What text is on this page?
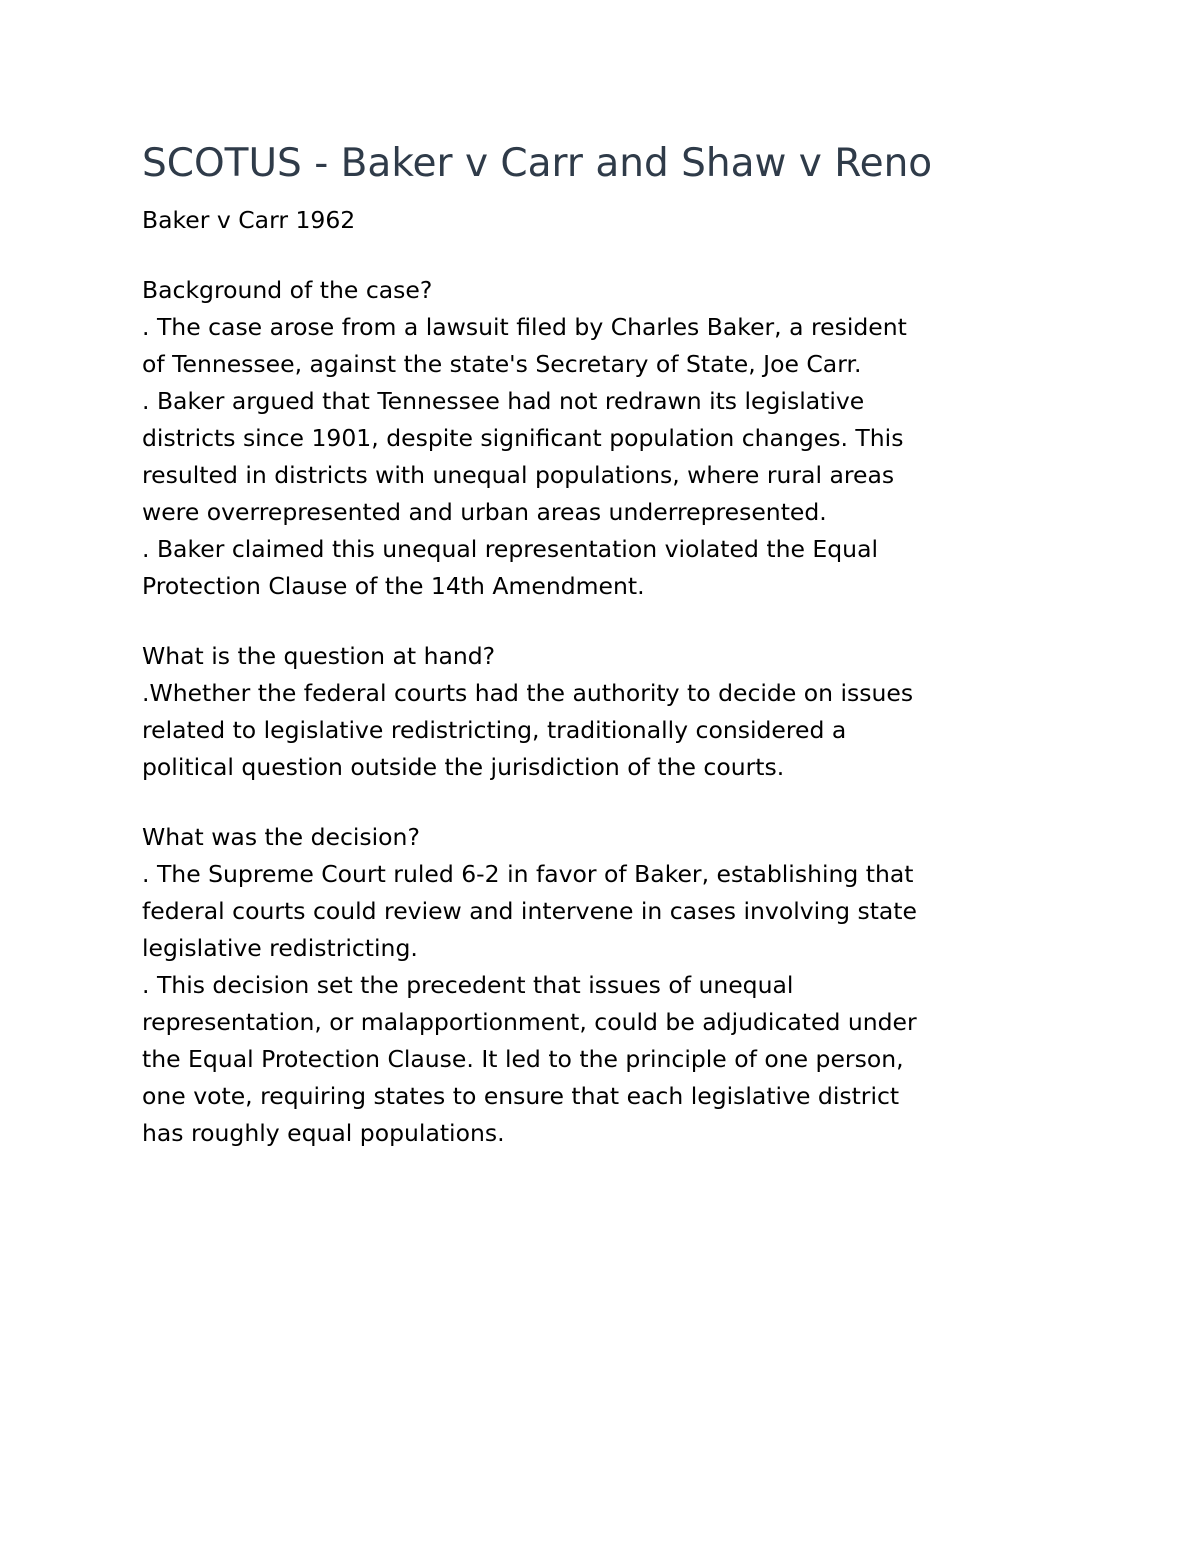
SCOTUS - Baker v Carr and Shaw v Reno

Baker v Carr 1962

Background of the case?

. The case arose from a lawsuit filed by Charles Baker, a resident

of Tennessee, against the state's Secretary of State, Joe Carr.

. Baker argued that Tennessee had not redrawn its legislative

districts since 1901, despite significant population changes. This

resulted in districts with unequal populations, where rural areas

were overrepresented and urban areas underrepresented.

. Baker claimed this unequal representation violated the Equal

Protection Clause of the 14th Amendment.

What is the question at hand?

.Whether the federal courts had the authority to decide on issues

related to legislative redistricting, traditionally considered a

political question outside the jurisdiction of the courts.

What was the decision?

. The Supreme Court ruled 6-2 in favor of Baker, establishing that

federal courts could review and intervene in cases involving state

legislative redistricting.

. This decision set the precedent that issues of unequal

representation, or malapportionment, could be adjudicated under

the Equal Protection Clause. It led to the principle of one person,

one vote, requiring states to ensure that each legislative district

has roughly equal populations.
